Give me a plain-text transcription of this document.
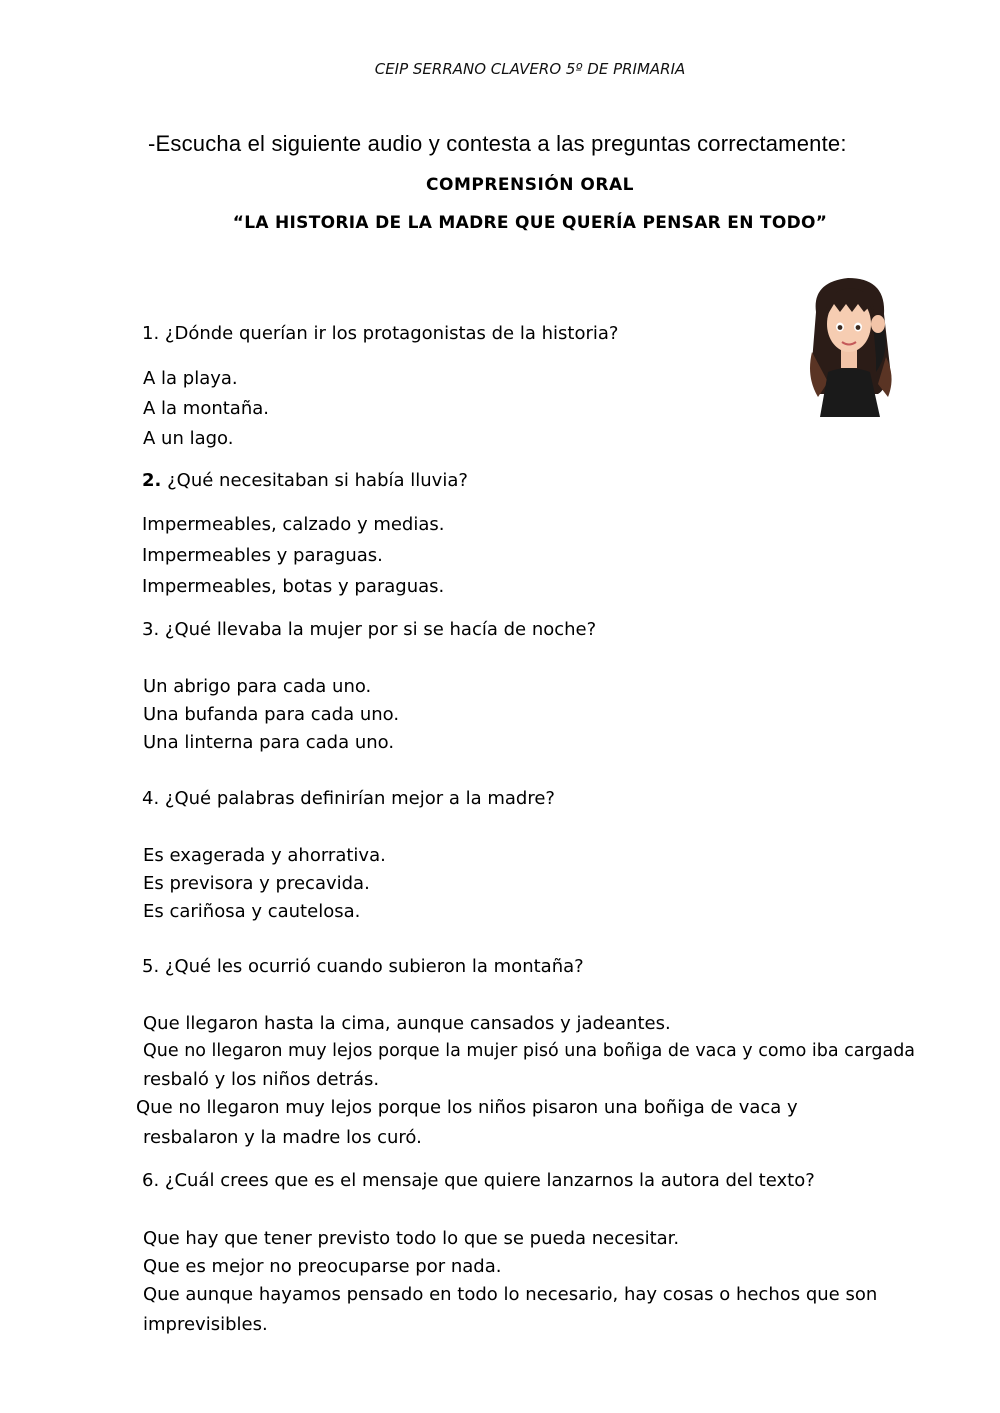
CEIP SERRANO CLAVERO 5º DE PRIMARIA
-Escucha el siguiente audio y contesta a las preguntas correctamente:
COMPRENSIÓN ORAL
“LA HISTORIA DE LA MADRE QUE QUERÍA PENSAR EN TODO”
1. ¿Dónde querían ir los protagonistas de la historia?
A la playa.
A la montaña.
A un lago.
2. ¿Qué necesitaban si había lluvia?
Impermeables, calzado y medias.
Impermeables y paraguas.
Impermeables, botas y paraguas.
3. ¿Qué llevaba la mujer por si se hacía de noche?
Un abrigo para cada uno.
Una bufanda para cada uno.
Una linterna para cada uno.
4. ¿Qué palabras definirían mejor a la madre?
Es exagerada y ahorrativa.
Es previsora y precavida.
Es cariñosa y cautelosa.
5. ¿Qué les ocurrió cuando subieron la montaña?
Que llegaron hasta la cima, aunque cansados y jadeantes.
Que no llegaron muy lejos porque la mujer pisó una boñiga de vaca y como iba cargada
resbaló y los niños detrás.
Que no llegaron muy lejos porque los niños pisaron una boñiga de vaca y
resbalaron y la madre los curó.
6. ¿Cuál crees que es el mensaje que quiere lanzarnos la autora del texto?
Que hay que tener previsto todo lo que se pueda necesitar.
Que es mejor no preocuparse por nada.
Que aunque hayamos pensado en todo lo necesario, hay cosas o hechos que son
imprevisibles.
